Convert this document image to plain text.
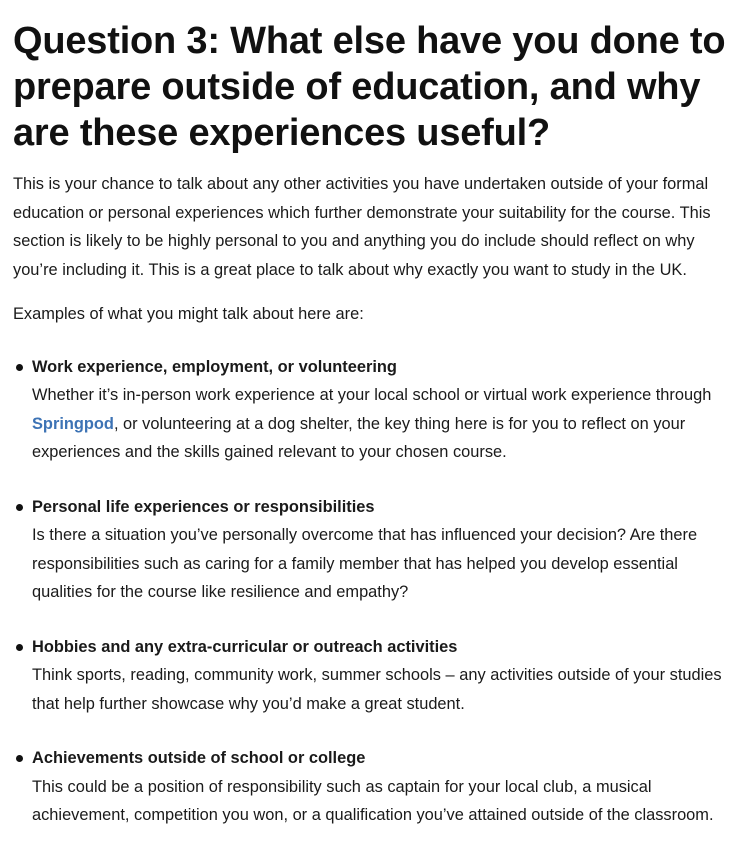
Question 3: What else have you done to prepare outside of education, and why are these experiences useful?

This is your chance to talk about any other activities you have undertaken outside of your formal education or personal experiences which further demonstrate your suitability for the course. This section is likely to be highly personal to you and anything you do include should reflect on why you’re including it. This is a great place to talk about why exactly you want to study in the UK.

Examples of what you might talk about here are:

Work experience, employment, or volunteering
Whether it’s in-person work experience at your local school or virtual work experience through Springpod, or volunteering at a dog shelter, the key thing here is for you to reflect on your experiences and the skills gained relevant to your chosen course.
Personal life experiences or responsibilities
Is there a situation you’ve personally overcome that has influenced your decision? Are there responsibilities such as caring for a family member that has helped you develop essential qualities for the course like resilience and empathy?
Hobbies and any extra-curricular or outreach activities
Think sports, reading, community work, summer schools – any activities outside of your studies that help further showcase why you’d make a great student.
Achievements outside of school or college
This could be a position of responsibility such as captain for your local club, a musical achievement, competition you won, or a qualification you’ve attained outside of the classroom.
